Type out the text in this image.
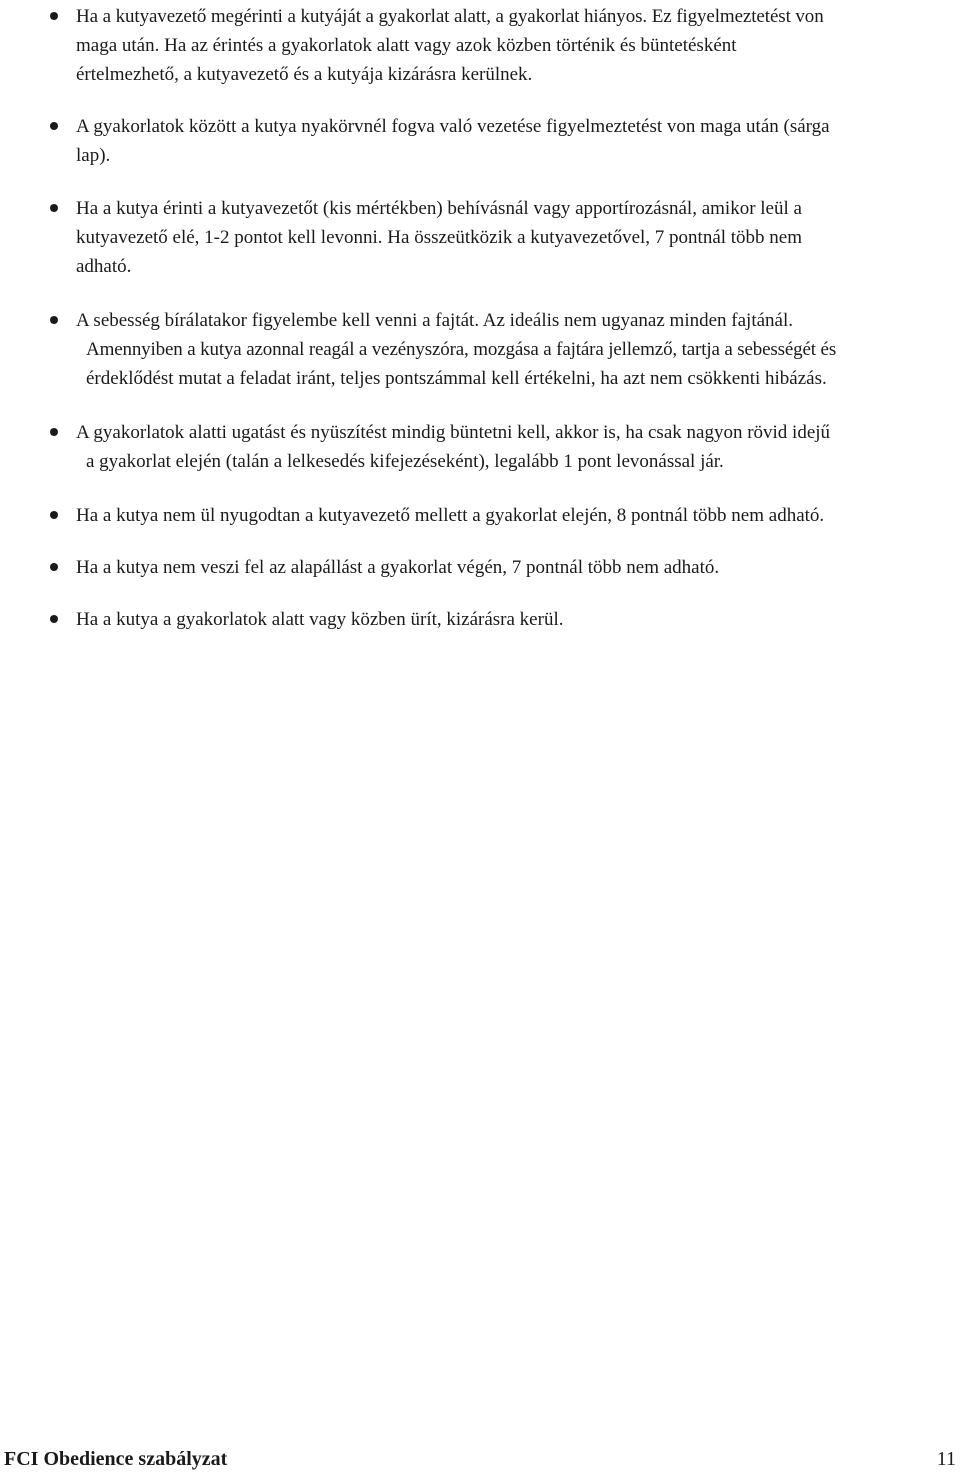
Ha a kutyavezető megérinti a kutyáját a gyakorlat alatt, a gyakorlat hiányos. Ez figyelmeztetést von
maga után. Ha az érintés a gyakorlatok alatt vagy azok közben történik és büntetésként
értelmezhető, a kutyavezető és a kutyája kizárásra kerülnek.
A gyakorlatok között a kutya nyakörvnél fogva való vezetése figyelmeztetést von maga után (sárga
lap).
Ha a kutya érinti a kutyavezetőt (kis mértékben) behívásnál vagy apportírozásnál, amikor leül a
kutyavezető elé, 1-2 pontot kell levonni. Ha összeütközik a kutyavezetővel, 7 pontnál több nem
adható.
A sebesség bírálatakor figyelembe kell venni a fajtát. Az ideális nem ugyanaz minden fajtánál.
Amennyiben a kutya azonnal reagál a vezényszóra, mozgása a fajtára jellemző, tartja a sebességét és
érdeklődést mutat a feladat iránt, teljes pontszámmal kell értékelni, ha azt nem csökkenti hibázás.
A gyakorlatok alatti ugatást és nyüszítést mindig büntetni kell, akkor is, ha csak nagyon rövid idejű
a gyakorlat elején (talán a lelkesedés kifejezéseként), legalább 1 pont levonással jár.
Ha a kutya nem ül nyugodtan a kutyavezető mellett a gyakorlat elején, 8 pontnál több nem adható.
Ha a kutya nem veszi fel az alapállást a gyakorlat végén, 7 pontnál több nem adható.
Ha a kutya a gyakorlatok alatt vagy közben ürít, kizárásra kerül.
FCI Obedience szabályzat	11
